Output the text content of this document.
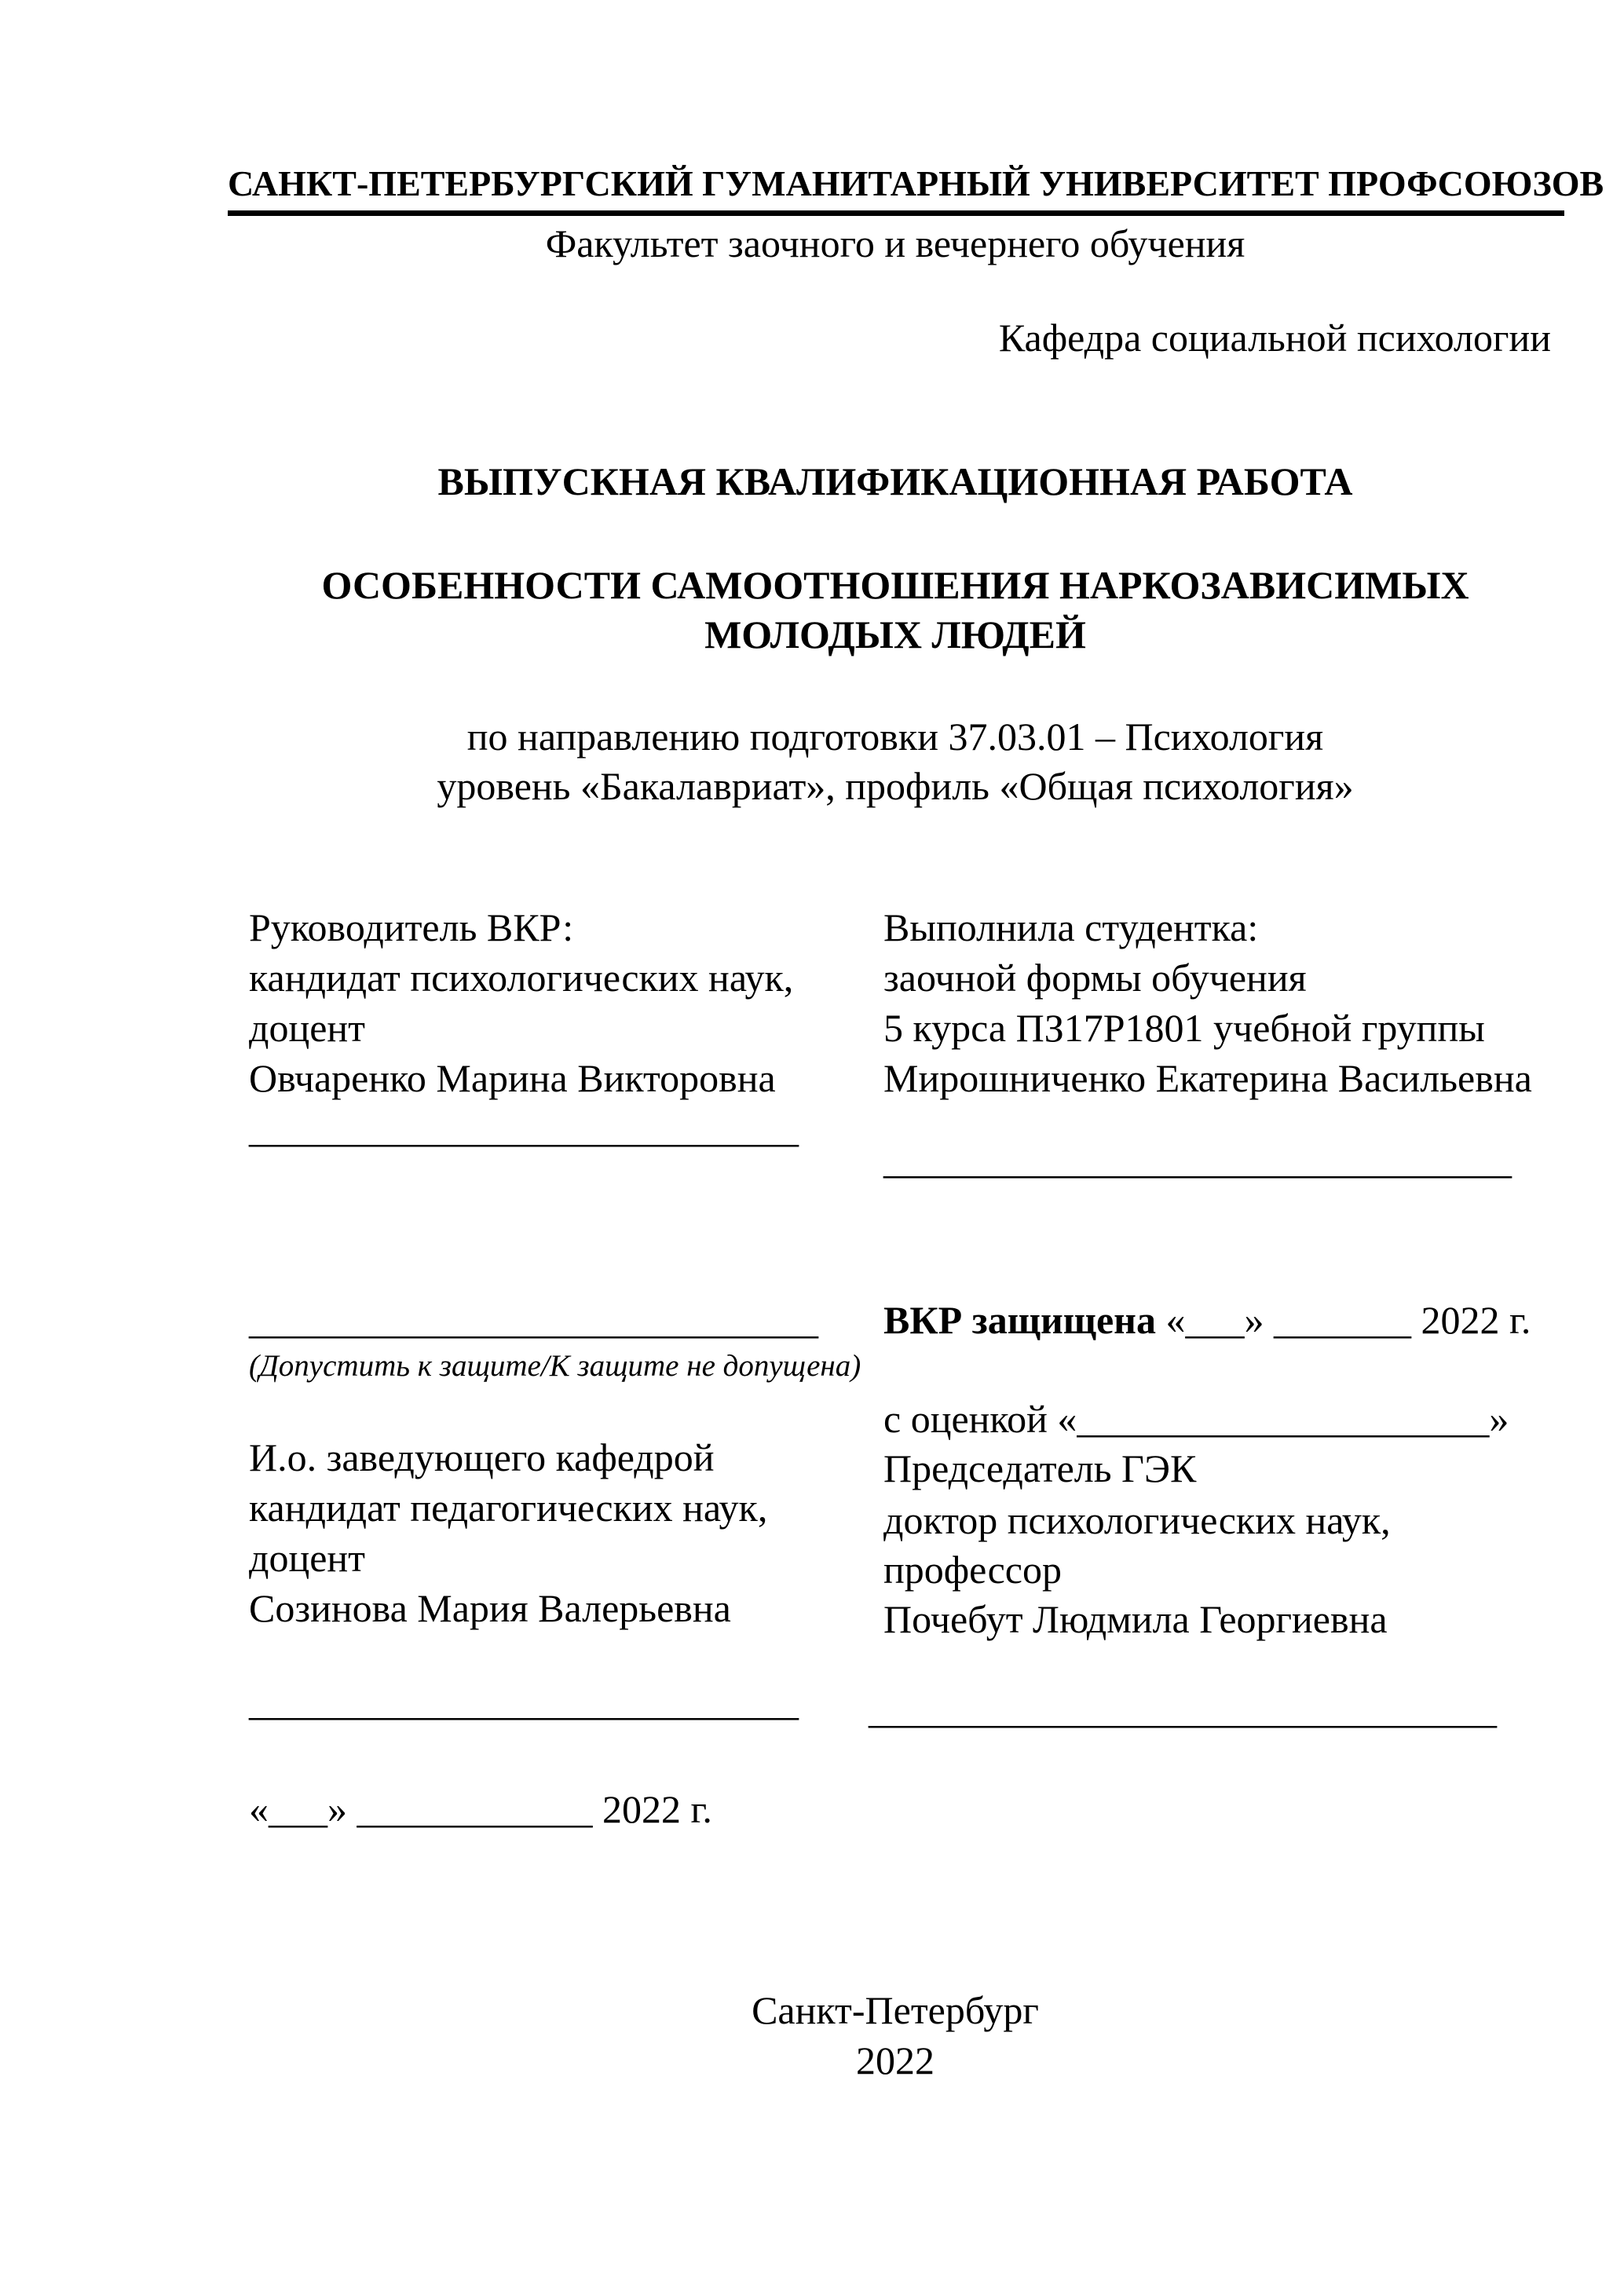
САНКТ-ПЕТЕРБУРГСКИЙ ГУМАНИТАРНЫЙ УНИВЕРСИТЕТ ПРОФСОЮЗОВ
Факультет заочного и вечернего обучения
Кафедра социальной психологии
ВЫПУСКНАЯ КВАЛИФИКАЦИОННАЯ РАБОТА
ОСОБЕННОСТИ САМООТНОШЕНИЯ НАРКОЗАВИСИМЫХ
МОЛОДЫХ ЛЮДЕЙ
по направлению подготовки 37.03.01 – Психология
уровень «Бакалавриат», профиль «Общая психология»
Руководитель ВКР:
кандидат психологических наук,
доцент
Овчаренко Марина Викторовна
____________________________
Выполнила студентка:
заочной формы обучения
5 курса ПЗ17Р1801 учебной группы
Мирошниченко Екатерина Васильевна
________________________________
_____________________________
(Допустить к защите/К защите не допущена)
ВКР защищена «___» _______ 2022 г.
с оценкой «_____________________»
И.о. заведующего кафедрой
кандидат педагогических наук,
доцент
Созинова Мария Валерьевна
____________________________
«___» ____________ 2022 г.
Председатель ГЭК
доктор психологических наук,
профессор
Почебут Людмила Георгиевна
________________________________
Санкт-Петербург
2022
